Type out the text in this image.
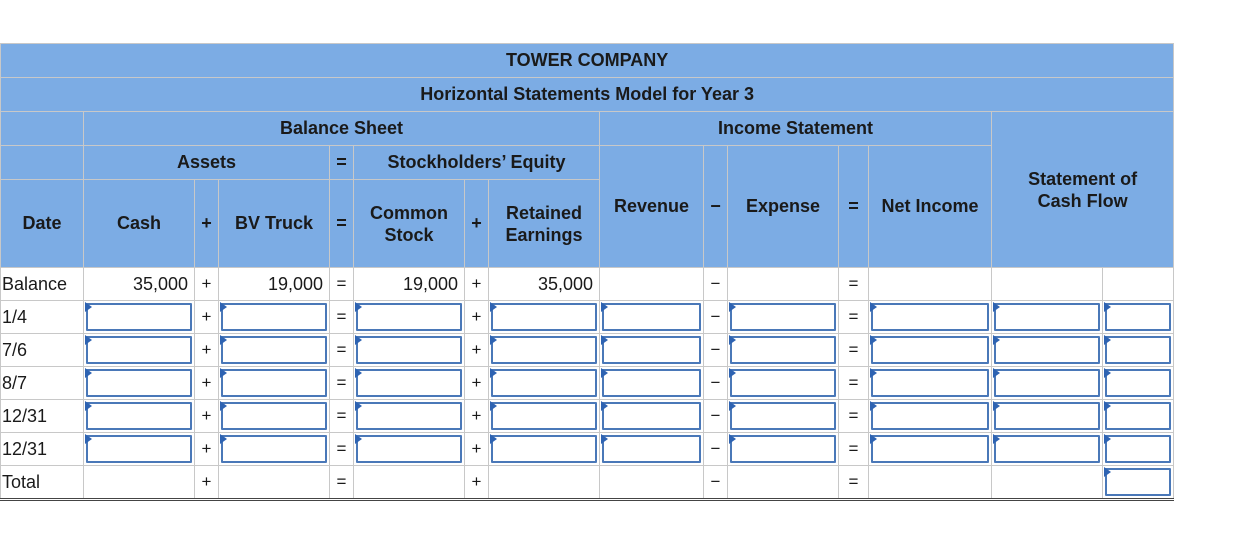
TOWER COMPANY														
Horizontal Statements Model for Year 3														
	Balance Sheet							Income Statement					Statement of Cash Flow	
	Assets			=	Stockholders’ Equity			Revenue	−	Expense	=	Net Income		
Date	Cash	+	BV Truck	=	Common Stock	+	Retained Earnings							
Balance	35,000	+	19,000	=	19,000	+	35,000		−		=			
1/4		+		=		+			−		=	

7/6		+		=		+			−		=	

8/7		+		=		+			−		=	

12/31		+		=		+			−		=	

12/31		+		=		+			−		=	

Total		+		=		+			−		=			
